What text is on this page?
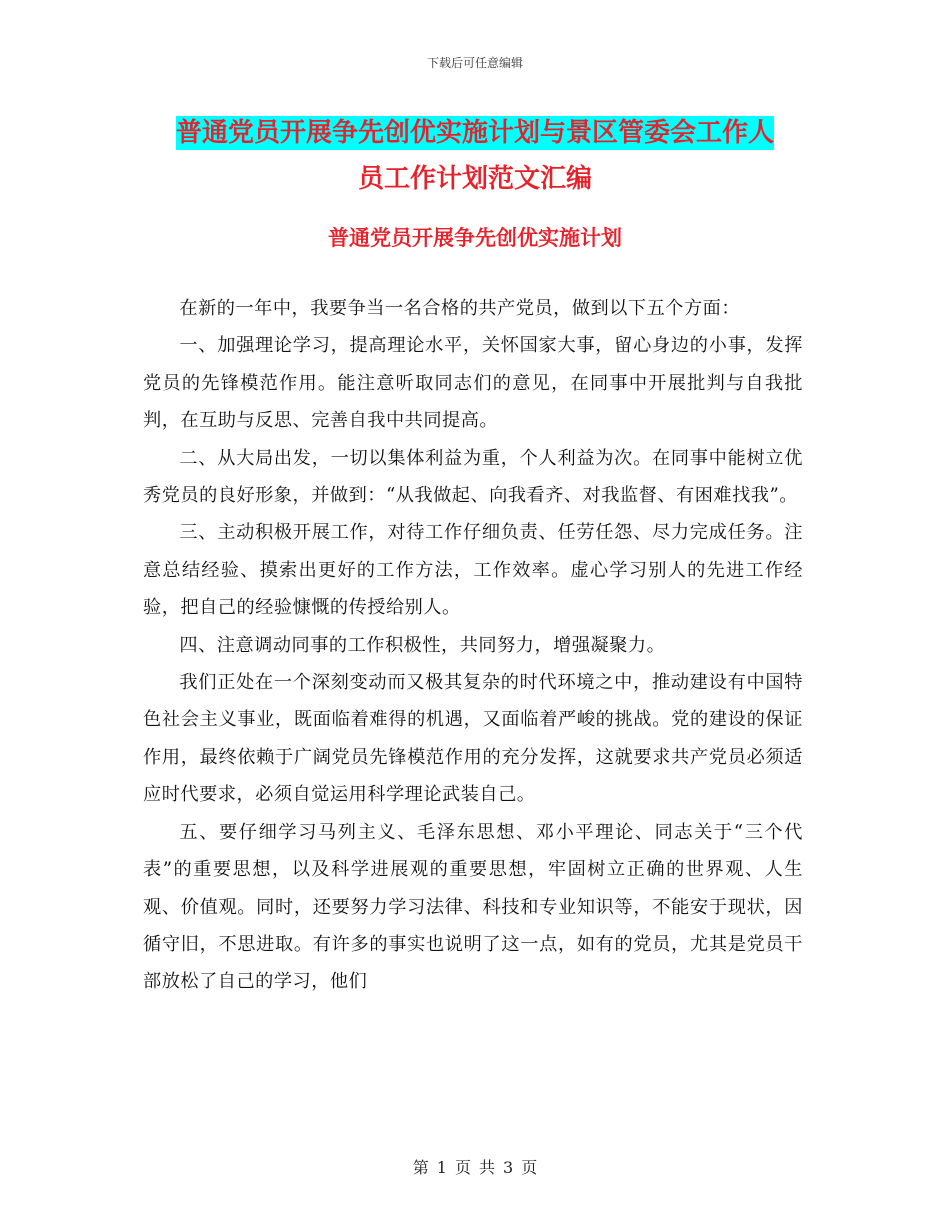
下载后可任意编辑
普通党员开展争先创优实施计划与景区管委会工作人
员工作计划范文汇编
普通党员开展争先创优实施计划

在新的一年中，我要争当一名合格的共产党员，做到以下五个方面：

一、加强理论学习，提高理论水平，关怀国家大事，留心身边的小事，发挥党员的先锋模范作用。能注意听取同志们的意见，在同事中开展批判与自我批判，在互助与反思、完善自我中共同提高。

二、从大局出发，一切以集体利益为重，个人利益为次。在同事中能树立优秀党员的良好形象，并做到：“从我做起、向我看齐、对我监督、有困难找我”。

三、主动积极开展工作，对待工作仔细负责、任劳任怨、尽力完成任务。注意总结经验、摸索出更好的工作方法，工作效率。虚心学习别人的先进工作经验，把自己的经验慷慨的传授给别人。

四、注意调动同事的工作积极性，共同努力，增强凝聚力。

我们正处在一个深刻变动而又极其复杂的时代环境之中，推动建设有中国特色社会主义事业，既面临着难得的机遇，又面临着严峻的挑战。党的建设的保证作用，最终依赖于广阔党员先锋模范作用的充分发挥，这就要求共产党员必须适应时代要求，必须自觉运用科学理论武装自己。

五、要仔细学习马列主义、毛泽东思想、邓小平理论、同志关于“三个代表”的重要思想，以及科学进展观的重要思想，牢固树立正确的世界观、人生观、价值观。同时，还要努力学习法律、科技和专业知识等，不能安于现状，因循守旧，不思进取。有许多的事实也说明了这一点，如有的党员，尤其是党员干部放松了自己的学习，他们

第 1 页 共 3 页
